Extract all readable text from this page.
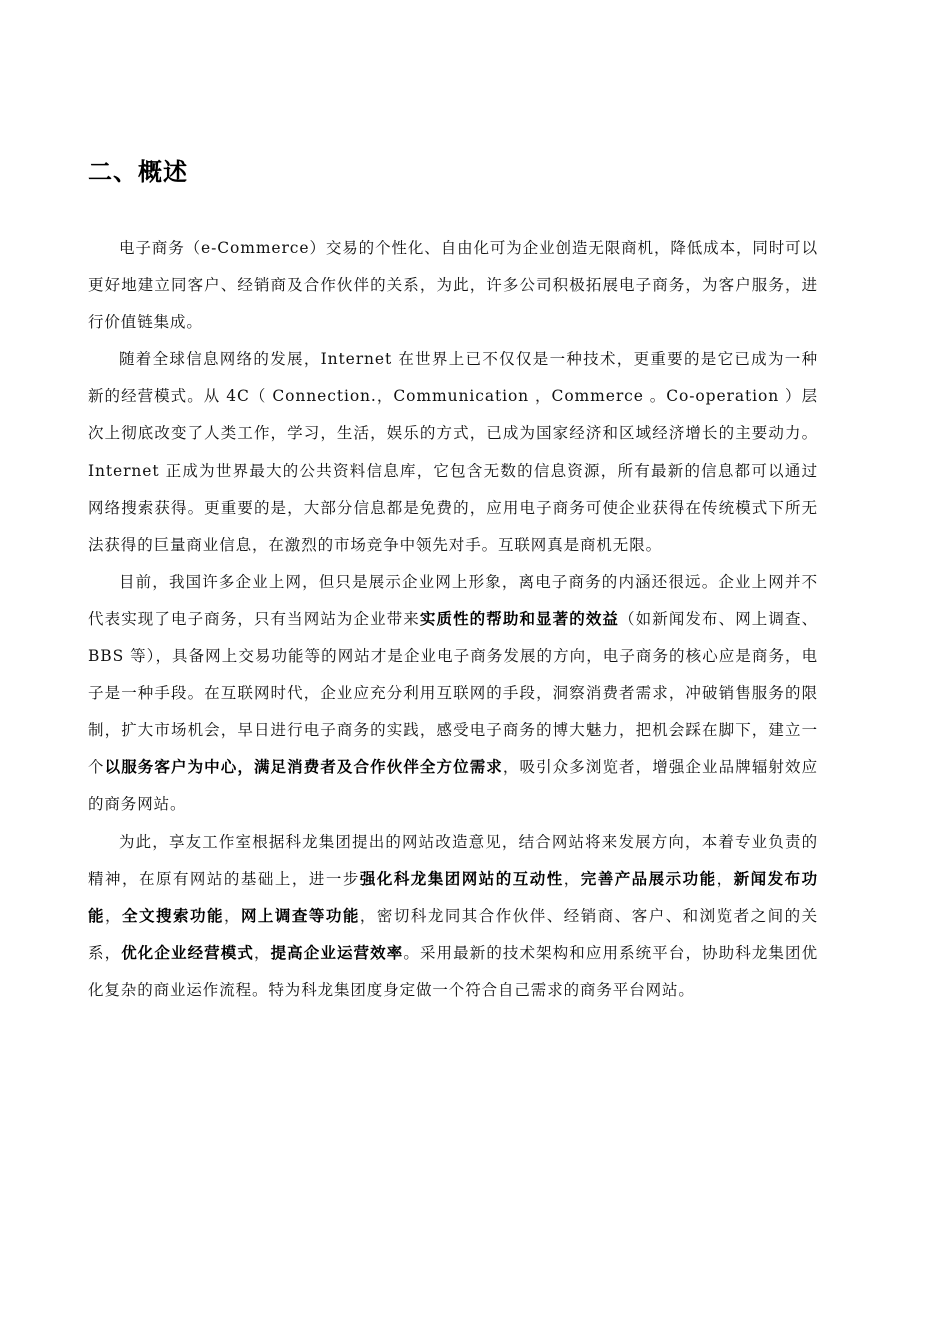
二、概述

电子商务（e-Commerce）交易的个性化、自由化可为企业创造无限商机，降低成本，同时可以更好地建立同客户、经销商及合作伙伴的关系，为此，许多公司积极拓展电子商务，为客户服务，进行价值链集成。

随着全球信息网络的发展，Internet 在世界上已不仅仅是一种技术，更重要的是它已成为一种新的经营模式。从 4C（ Connection.，Communication ，Commerce 。Co-operation ）层次上彻底改变了人类工作，学习，生活，娱乐的方式，已成为国家经济和区域经济增长的主要动力。Internet 正成为世界最大的公共资料信息库，它包含无数的信息资源，所有最新的信息都可以通过网络搜索获得。更重要的是，大部分信息都是免费的，应用电子商务可使企业获得在传统模式下所无法获得的巨量商业信息，在激烈的市场竞争中领先对手。互联网真是商机无限。

目前，我国许多企业上网，但只是展示企业网上形象，离电子商务的内涵还很远。企业上网并不代表实现了电子商务，只有当网站为企业带来实质性的帮助和显著的效益（如新闻发布、网上调查、BBS 等），具备网上交易功能等的网站才是企业电子商务发展的方向，电子商务的核心应是商务，电子是一种手段。在互联网时代，企业应充分利用互联网的手段，洞察消费者需求，冲破销售服务的限制，扩大市场机会，早日进行电子商务的实践，感受电子商务的博大魅力，把机会踩在脚下，建立一个以服务客户为中心，满足消费者及合作伙伴全方位需求，吸引众多浏览者，增强企业品牌辐射效应的商务网站。

为此，享友工作室根据科龙集团提出的网站改造意见，结合网站将来发展方向，本着专业负责的精神，在原有网站的基础上，进一步强化科龙集团网站的互动性，完善产品展示功能，新闻发布功能，全文搜索功能，网上调查等功能，密切科龙同其合作伙伴、经销商、客户、和浏览者之间的关系，优化企业经营模式，提高企业运营效率。采用最新的技术架构和应用系统平台，协助科龙集团优化复杂的商业运作流程。特为科龙集团度身定做一个符合自己需求的商务平台网站。
